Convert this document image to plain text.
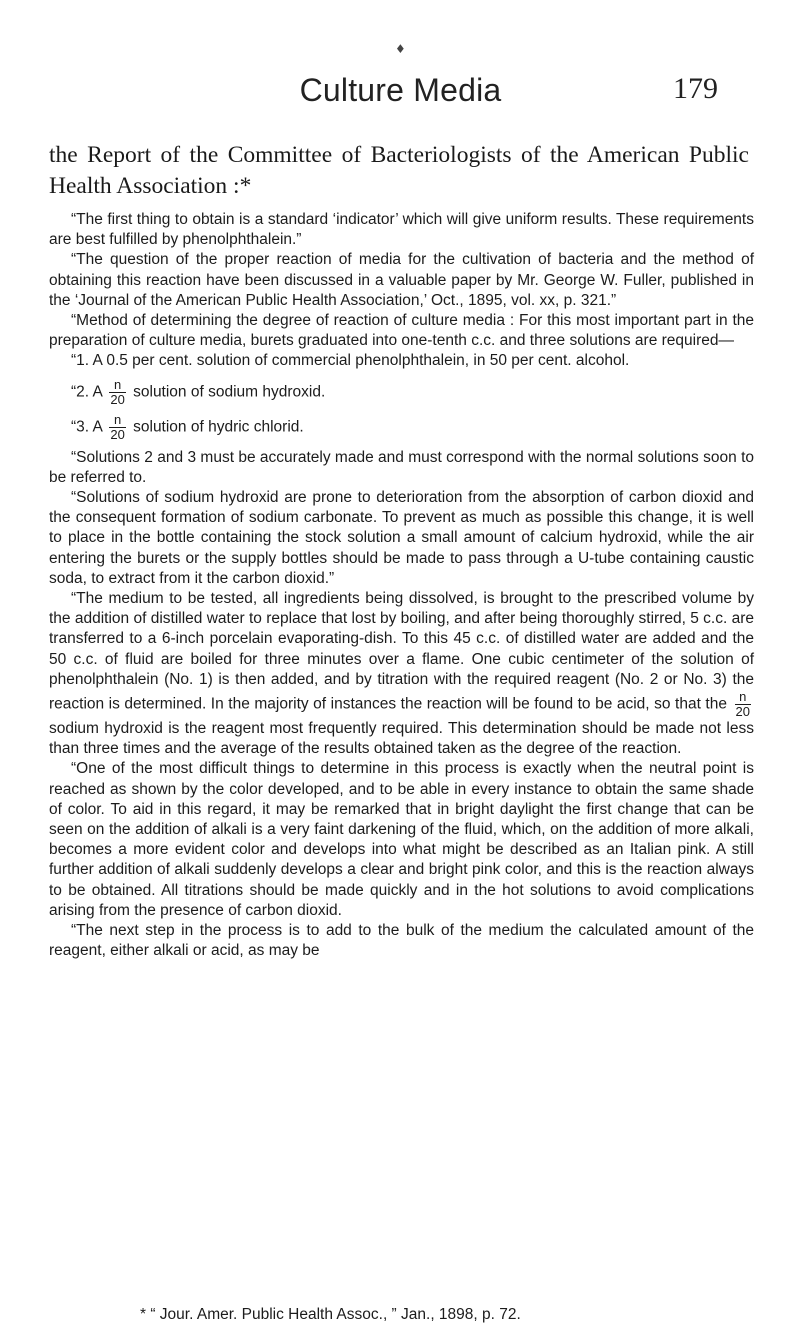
♦
Culture Media	179

the Report of the Committee of Bacteriologists of the American Public Health Association :*

“The first thing to obtain is a standard ‘indicator’ which will give uniform results. These requirements are best fulfilled by phenolphthalein.”

“The question of the proper reaction of media for the cultivation of bacteria and the method of obtaining this reaction have been discussed in a valuable paper by Mr. George W. Fuller, published in the ‘Journal of the American Public Health Association,’ Oct., 1895, vol. xx, p. 321.”

“Method of determining the degree of reaction of culture media : For this most important part in the preparation of culture media, burets graduated into one-tenth c.c. and three solutions are required—

“1. A 0.5 per cent. solution of commercial phenolphthalein, in 50 per cent. alcohol.

“2. A $\frac{n}{20}$ solution of sodium hydroxid.

“3. A $\frac{n}{20}$ solution of hydric chlorid.

“Solutions 2 and 3 must be accurately made and must correspond with the normal solutions soon to be referred to.

“Solutions of sodium hydroxid are prone to deterioration from the absorption of carbon dioxid and the consequent formation of sodium carbonate. To prevent as much as possible this change, it is well to place in the bottle containing the stock solution a small amount of calcium hydroxid, while the air entering the burets or the supply bottles should be made to pass through a U-tube containing caustic soda, to extract from it the carbon dioxid.”

“The medium to be tested, all ingredients being dissolved, is brought to the prescribed volume by the addition of distilled water to replace that lost by boiling, and after being thoroughly stirred, 5 c.c. are transferred to a 6-inch porcelain evaporating-dish. To this 45 c.c. of distilled water are added and the 50 c.c. of fluid are boiled for three minutes over a flame. One cubic centimeter of the solution of phenolphthalein (No. 1) is then added, and by titration with the required reagent (No. 2 or No. 3) the reaction is determined. In the majority of instances the reaction will be found to be acid, so that the $\frac{n}{20}$
sodium hydroxid is the reagent most frequently required. This determination should be made not less than three times and the average of the results obtained taken as the degree of the reaction.

“One of the most difficult things to determine in this process is exactly when the neutral point is reached as shown by the color developed, and to be able in every instance to obtain the same shade of color. To aid in this regard, it may be remarked that in bright daylight the first change that can be seen on the addition of alkali is a very faint darkening of the fluid, which, on the addition of more alkali, becomes a more evident color and develops into what might be described as an Italian pink. A still further addition of alkali suddenly develops a clear and bright pink color, and this is the reaction always to be obtained. All titrations should be made quickly and in the hot solutions to avoid complications arising from the presence of carbon dioxid.

“The next step in the process is to add to the bulk of the medium the calculated amount of the reagent, either alkali or acid, as may be

* “ Jour. Amer. Public Health Assoc., ” Jan., 1898, p. 72.
